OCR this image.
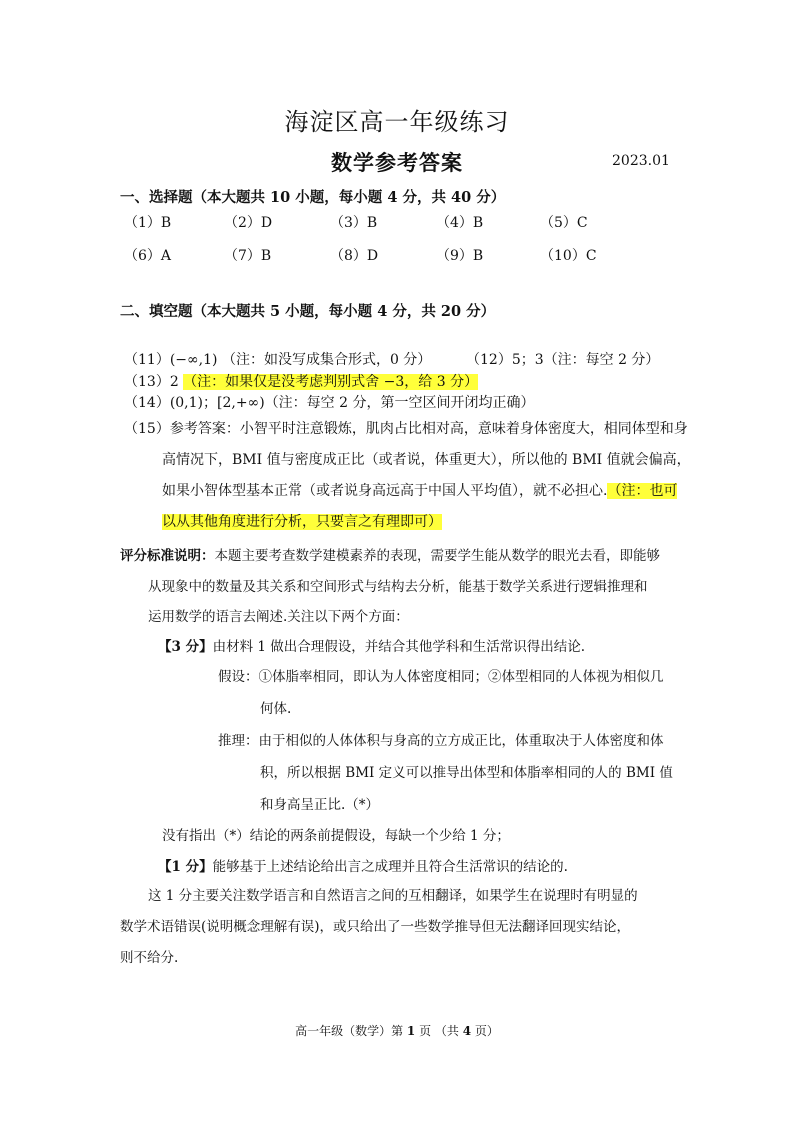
海淀区高一年级练习
数学参考答案	2023.01
一、选择题（本大题共 10 小题，每小题 4 分，共 40 分）
（1）B	（2）D	（3）B	（4）B	（5）C
（6）A	（7）B	（8）D	（9）B	（10）C
二、填空题（本大题共 5 小题，每小题 4 分，共 20 分）
（11）(−∞,1) （注：如没写成集合形式，0 分） （12）5；3（注：每空 2 分）
（13）2 （注：如果仅是没考虑判别式舍 −3，给 3 分）
（14）(0,1)；[2,+∞)（注：每空 2 分，第一空区间开闭均正确）
（15）参考答案：小智平时注意锻炼，肌肉占比相对高，意味着身体密度大，相同体型和身
高情况下，BMI 值与密度成正比（或者说，体重更大），所以他的 BMI 值就会偏高，
如果小智体型基本正常（或者说身高远高于中国人平均值），就不必担心.（注：也可
以从其他角度进行分析，只要言之有理即可）
评分标准说明：本题主要考查数学建模素养的表现，需要学生能从数学的眼光去看，即能够
从现象中的数量及其关系和空间形式与结构去分析，能基于数学关系进行逻辑推理和
运用数学的语言去阐述.关注以下两个方面：
【3 分】由材料 1 做出合理假设，并结合其他学科和生活常识得出结论.
假设：①体脂率相同，即认为人体密度相同；②体型相同的人体视为相似几
何体.
推理：由于相似的人体体积与身高的立方成正比，体重取决于人体密度和体
积，所以根据 BMI 定义可以推导出体型和体脂率相同的人的 BMI 值
和身高呈正比.（*）
没有指出（*）结论的两条前提假设，每缺一个少给 1 分；
【1 分】能够基于上述结论给出言之成理并且符合生活常识的结论的.
这 1 分主要关注数学语言和自然语言之间的互相翻译，如果学生在说理时有明显的
数学术语错误(说明概念理解有误)，或只给出了一些数学推导但无法翻译回现实结论，
则不给分.
高一年级（数学）第 1 页 （共 4 页）
